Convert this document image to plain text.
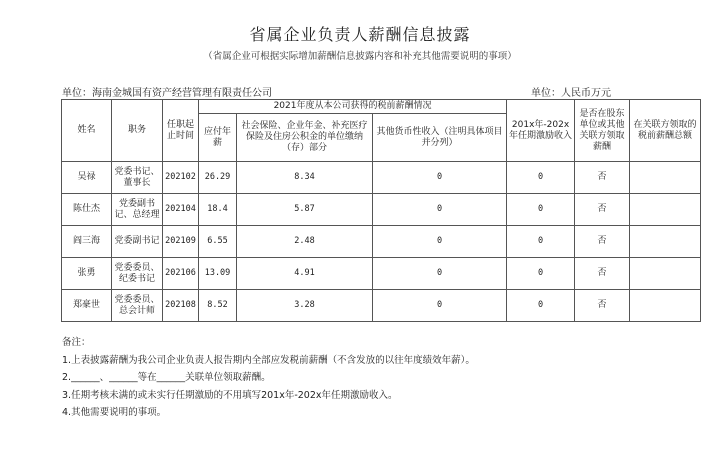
省属企业负责人薪酬信息披露
（省属企业可根据实际增加薪酬信息披露内容和补充其他需要说明的事项）
单位：海南金城国有资产经营管理有限责任公司	单位：人民币万元
姓名	职务	任职起止时间	2021年度从本公司获得的税前薪酬情况			201x年-202x年任期激励收入	是否在股东单位或其他关联方领取薪酬	在关联方领取的税前薪酬总额
			应付年薪	社会保险、企业年金、补充医疗保险及住房公积金的单位缴纳（存）部分	其他货币性收入（注明具体项目并分列）			
吴禄	党委书记、董事长	202102	26.29	8.34	0	0	否	
陈仕杰	党委副书记、总经理	202104	18.4	5.87	0	0	否	
阎三海	党委副书记	202109	6.55	2.48	0	0	否	
张勇	党委委员、纪委书记	202106	13.09	4.91	0	0	否	
郑豪世	党委委员、总会计师	202108	8.52	3.28	0	0	否	
备注：
1.上表披露薪酬为我公司企业负责人报告期内全部应发税前薪酬（不含发放的以往年度绩效年薪）。
2.______、______等在______关联单位领取薪酬。
3.任期考核未满的或未实行任期激励的不用填写201x年-202x年任期激励收入。
4.其他需要说明的事项。
